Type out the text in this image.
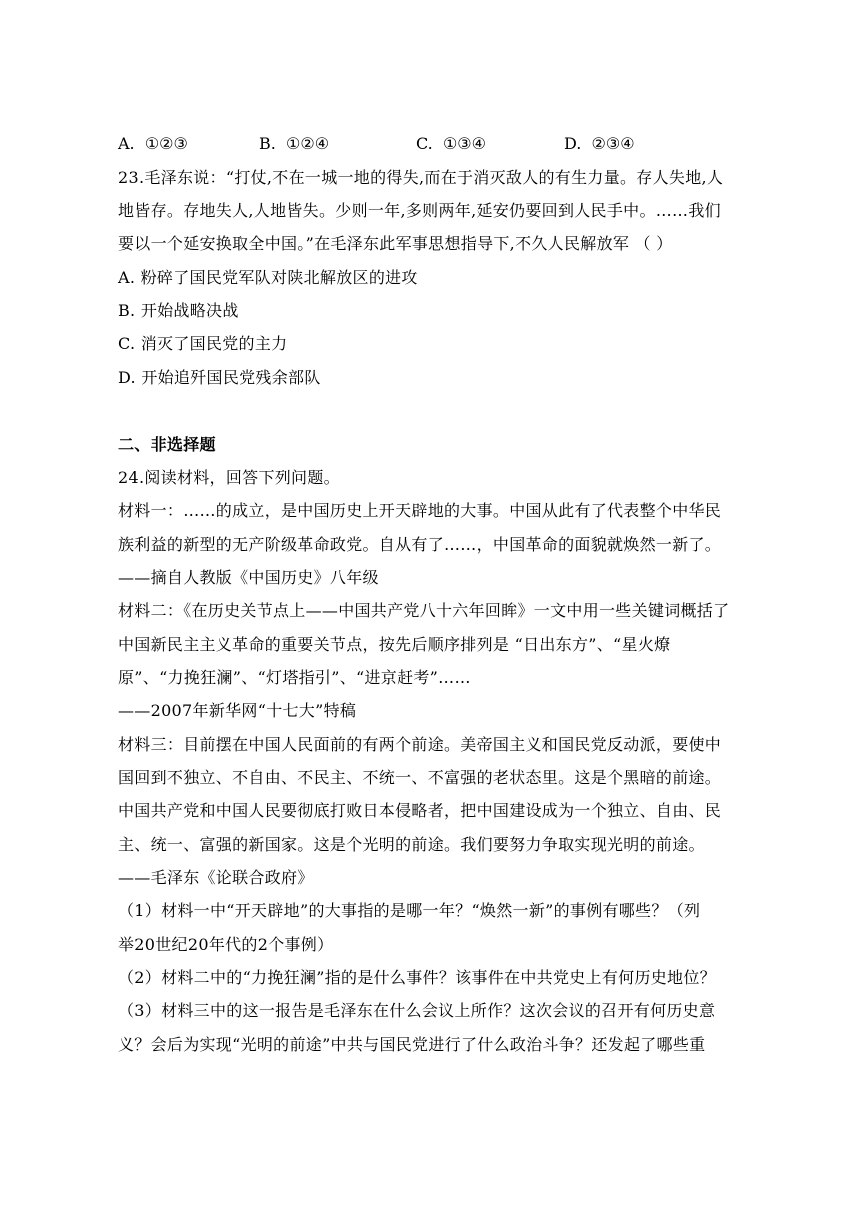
A. ①②③	B. ①②④	C. ①③④	D. ②③④
23.毛泽东说：“打仗,不在一城一地的得失,而在于消灭敌人的有生力量。存人失地,人
地皆存。存地失人,人地皆失。少则一年,多则两年,延安仍要回到人民手中。……我们
要以一个延安换取全中国。”在毛泽东此军事思想指导下,不久人民解放军 （ ）
A. 粉碎了国民党军队对陕北解放区的进攻
B. 开始战略决战
C. 消灭了国民党的主力
D. 开始追歼国民党残余部队
二、非选择题
24.阅读材料，回答下列问题。
材料一：……的成立，是中国历史上开天辟地的大事。中国从此有了代表整个中华民
族利益的新型的无产阶级革命政党。自从有了……，中国革命的面貌就焕然一新了。
——摘自人教版《中国历史》八年级
材料二：《在历史关节点上——中国共产党八十六年回眸》一文中用一些关键词概括了
中国新民主主义革命的重要关节点，按先后顺序排列是 “日出东方”、“星火燎
原”、“力挽狂澜”、“灯塔指引”、“进京赶考”……
——2007年新华网“十七大”特稿
材料三：目前摆在中国人民面前的有两个前途。美帝国主义和国民党反动派，要使中
国回到不独立、不自由、不民主、不统一、不富强的老状态里。这是个黑暗的前途。
中国共产党和中国人民要彻底打败日本侵略者，把中国建设成为一个独立、自由、民
主、统一、富强的新国家。这是个光明的前途。我们要努力争取实现光明的前途。
——毛泽东《论联合政府》
（1）材料一中“开天辟地”的大事指的是哪一年？“焕然一新”的事例有哪些？（列
举20世纪20年代的2个事例）
（2）材料二中的“力挽狂澜”指的是什么事件？该事件在中共党史上有何历史地位？
（3）材料三中的这一报告是毛泽东在什么会议上所作？这次会议的召开有何历史意
义？会后为实现“光明的前途”中共与国民党进行了什么政治斗争？还发起了哪些重
